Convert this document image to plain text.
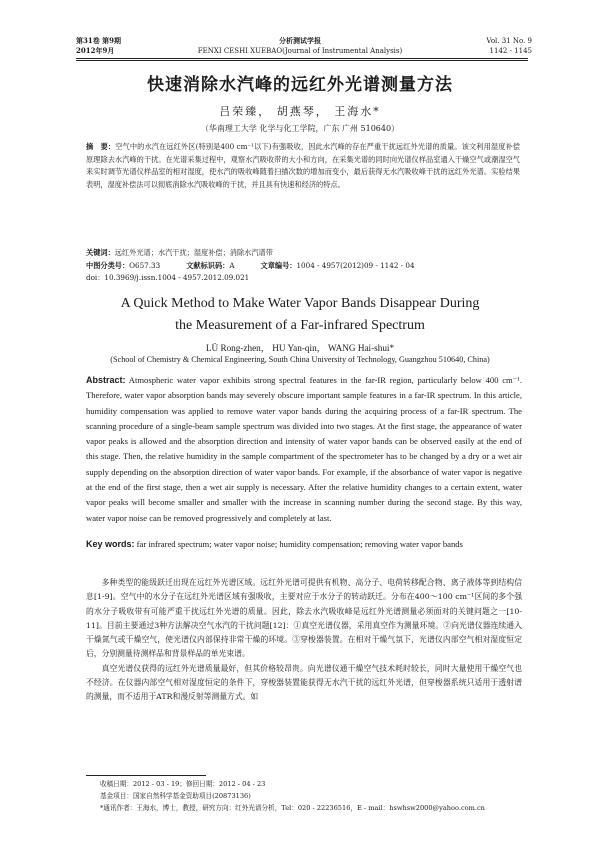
第31卷 第9期
2012年9月
分析测试学报
FENXI CESHI XUEBAO(Journal of Instrumental Analysis)
Vol. 31 No. 9
1142 - 1145
快速消除水汽峰的远红外光谱测量方法
吕荣臻， 胡燕琴， 王海水*
（华南理工大学 化学与化工学院，广东 广州 510640）
摘　要：空气中的水汽在远红外区(特别是400 cm⁻¹以下)有强吸收，因此水汽峰的存在严重干扰远红外光谱的质量。该文利用湿度补偿原理除去水汽峰的干扰。在光谱采集过程中，观察水汽吸收带的大小和方向，在采集光谱的同时向光谱仪样品室通入干燥空气或潮湿空气来实时调节光谱仪样品室的相对湿度，使水汽的吸收峰随着扫描次数的增加而变小，最后获得无水汽吸收峰干扰的远红外光谱。实验结果表明，湿度补偿法可以彻底消除水汽吸收峰的干扰，并且具有快速和经济的特点。
关键词：远红外光谱；水汽干扰；湿度补偿；消除水汽谱带
中图分类号：O657.33	文献标识码：A	文章编号：1004 - 4957(2012)09 - 1142 - 04
doi：10.3969/j.issn.1004 - 4957.2012.09.021
A Quick Method to Make Water Vapor Bands Disappear During
the Measurement of a Far-infrared Spectrum
LÜ Rong-zhen， HU Yan-qin， WANG Hai-shui*
(School of Chemistry & Chemical Engineering, South China University of Technology, Guangzhou 510640, China)
Abstract: Atmospheric water vapor exhibits strong spectral features in the far-IR region, particularly below 400 cm⁻¹. Therefore, water vapor absorption bands may severely obscure important sample features in a far-IR spectrum. In this article, humidity compensation was applied to remove water vapor bands during the acquiring process of a far-IR spectrum. The scanning procedure of a single-beam sample spectrum was divided into two stages. At the first stage, the appearance of water vapor peaks is allowed and the absorption direction and intensity of water vapor bands can be observed easily at the end of this stage. Then, the relative humidity in the sample compartment of the spectrometer has to be changed by a dry or a wet air supply depending on the absorption direction of water vapor bands. For example, if the absorbance of water vapor is negative at the end of the first stage, then a wet air supply is necessary. After the relative humidity changes to a certain extent, water vapor peaks will become smaller and smaller with the increase in scanning number during the second stage. By this way, water vapor noise can be removed progressively and completely at last.
Key words: far infrared spectrum; water vapor noise; humidity compensation; removing water vapor bands

多种类型的能级跃迁出现在远红外光谱区域。远红外光谱可提供有机物、高分子、电荷转移配合物、离子液体等到结构信息[1-9]。空气中的水分子在远红外光谱区域有强吸收，主要对应于水分子的转动跃迁。分布在400～100 cm⁻¹区间的多个强的水分子吸收带有可能严重干扰远红外光谱的质量。因此，除去水汽吸收峰是远红外光谱测量必须面对的关键问题之一[10-11]。目前主要通过3种方法解决空气水汽的干扰问题[12]：①真空光谱仪器，采用真空作为测量环境。②向光谱仪器连续通入干燥氮气或干燥空气，使光谱仪内部保持非常干燥的环境。③穿梭器装置。在相对干燥气氛下，光谱仪内部空气相对湿度恒定后，分别测量待测样品和背景样品的单光束谱。

真空光谱仪获得的远红外光谱质量最好，但其价格较昂贵。向光谱仪通干燥空气技术耗时较长，同时大量使用干燥空气也不经济。在仪器内部空气相对湿度恒定的条件下，穿梭器装置能获得无水汽干扰的远红外光谱，但穿梭器系统只适用于透射谱的测量，而不适用于ATR和漫反射等测量方式。如

收稿日期：2012 - 03 - 19；修回日期：2012 - 04 - 23
基金项目：国家自然科学基金资助项目(20873136)
*通讯作者：王海水，博士，教授，研究方向：红外光谱分析，Tel：020 - 22236516，E - mail：hswhsw2000@yahoo.com.cn
